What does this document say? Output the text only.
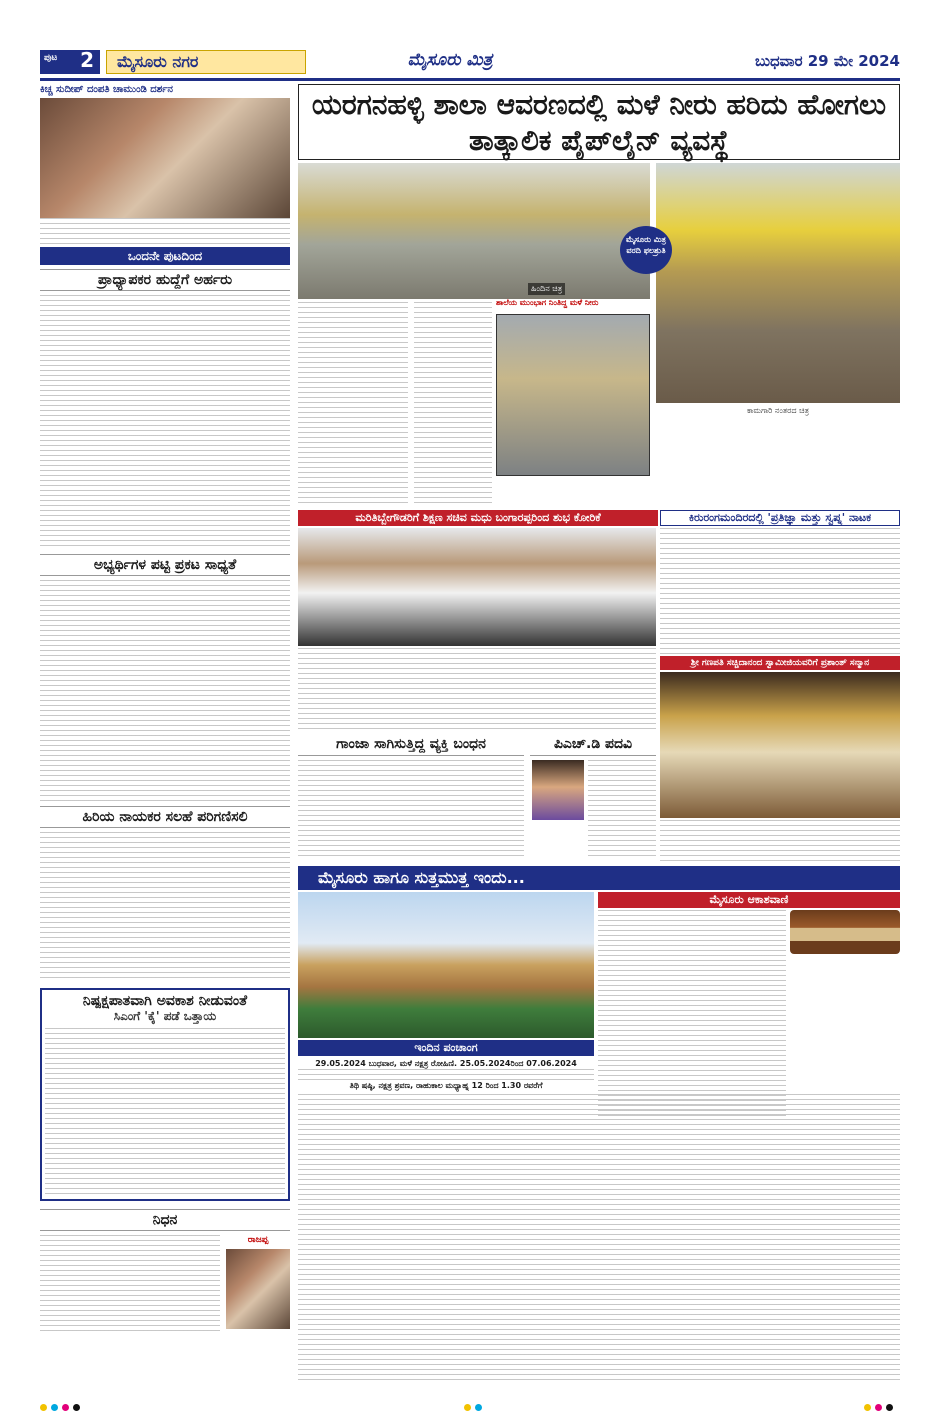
ಪುಟ 2	ಮೈಸೂರು ನಗರ	ಮೈಸೂರು ಮಿತ್ರ	ಬುಧವಾರ 29 ಮೇ 2024
ಕಿಚ್ಚ ಸುದೀಪ್ ದಂಪತಿ ಚಾಮುಂಡಿ ದರ್ಶನ
ಒಂದನೇ ಪುಟದಿಂದ
ಪ್ರಾಧ್ಯಾಪಕರ ಹುದ್ದೆಗೆ ಅರ್ಹರು
ಅಭ್ಯರ್ಥಿಗಳ ಪಟ್ಟಿ ಪ್ರಕಟ ಸಾಧ್ಯತೆ
ಹಿರಿಯ ನಾಯಕರ ಸಲಹೆ ಪರಿಗಣಿಸಲಿ
ನಿಷ್ಪಕ್ಷಪಾತವಾಗಿ ಅವಕಾಶ ನೀಡುವಂತೆ
ಸಿಎಂಗೆ 'ಕೈ' ಪಡೆ ಒತ್ತಾಯ
ನಿಧನ
ರಾಜಪ್ಪ
ಯರಗನಹಳ್ಳಿ ಶಾಲಾ ಆವರಣದಲ್ಲಿ ಮಳೆ ನೀರು ಹರಿದು ಹೋಗಲು ತಾತ್ಕಾಲಿಕ ಪೈಪ್‌ಲೈನ್ ವ್ಯವಸ್ಥೆ
ಹಿಂದಿನ ಚಿತ್ರ
ಮೈಸೂರು ಮಿತ್ರ ವರದಿ ಫಲಶ್ರುತಿ
ಕಾಮಗಾರಿ ನಂತರದ ಚಿತ್ರ
ಶಾಲೆಯ ಮುಂಭಾಗ ನಿಂತಿದ್ದ ಮಳೆ ನೀರು
ಮರಿತಿಬ್ಬೇಗೌಡರಿಗೆ ಶಿಕ್ಷಣ ಸಚಿವ ಮಧು ಬಂಗಾರಪ್ಪರಿಂದ ಶುಭ ಕೋರಿಕೆ	ಕಿರುರಂಗಮಂದಿರದಲ್ಲಿ 'ಪ್ರತಿಜ್ಞಾ ಮತ್ತು ಸ್ವಪ್ನ' ನಾಟಕ
ಶ್ರೀ ಗಣಪತಿ ಸಚ್ಚಿದಾನಂದ ಸ್ವಾಮೀಜಿಯವರಿಗೆ ಪ್ರಶಾಂತ್ ಸನ್ಮಾನ
ಗಾಂಜಾ ಸಾಗಿಸುತ್ತಿದ್ದ ವ್ಯಕ್ತಿ ಬಂಧನ	ಪಿಎಚ್.ಡಿ ಪದವಿ
ಮೈಸೂರು ಹಾಗೂ ಸುತ್ತಮುತ್ತ ಇಂದು...
ಇಂದಿನ ಪಂಚಾಂಗ
29.05.2024 ಬುಧವಾರ, ಮಳೆ ನಕ್ಷತ್ರ ರೋಹಿಣಿ. 25.05.2024ರಿಂದ 07.06.2024
ತಿಥಿ ಷಷ್ಠಿ, ನಕ್ಷತ್ರ ಶ್ರವಣ, ರಾಹುಕಾಲ ಮಧ್ಯಾಹ್ನ 12 ರಿಂದ 1.30 ರವರೆಗೆ
ಮೈಸೂರು ಆಕಾಶವಾಣಿ
